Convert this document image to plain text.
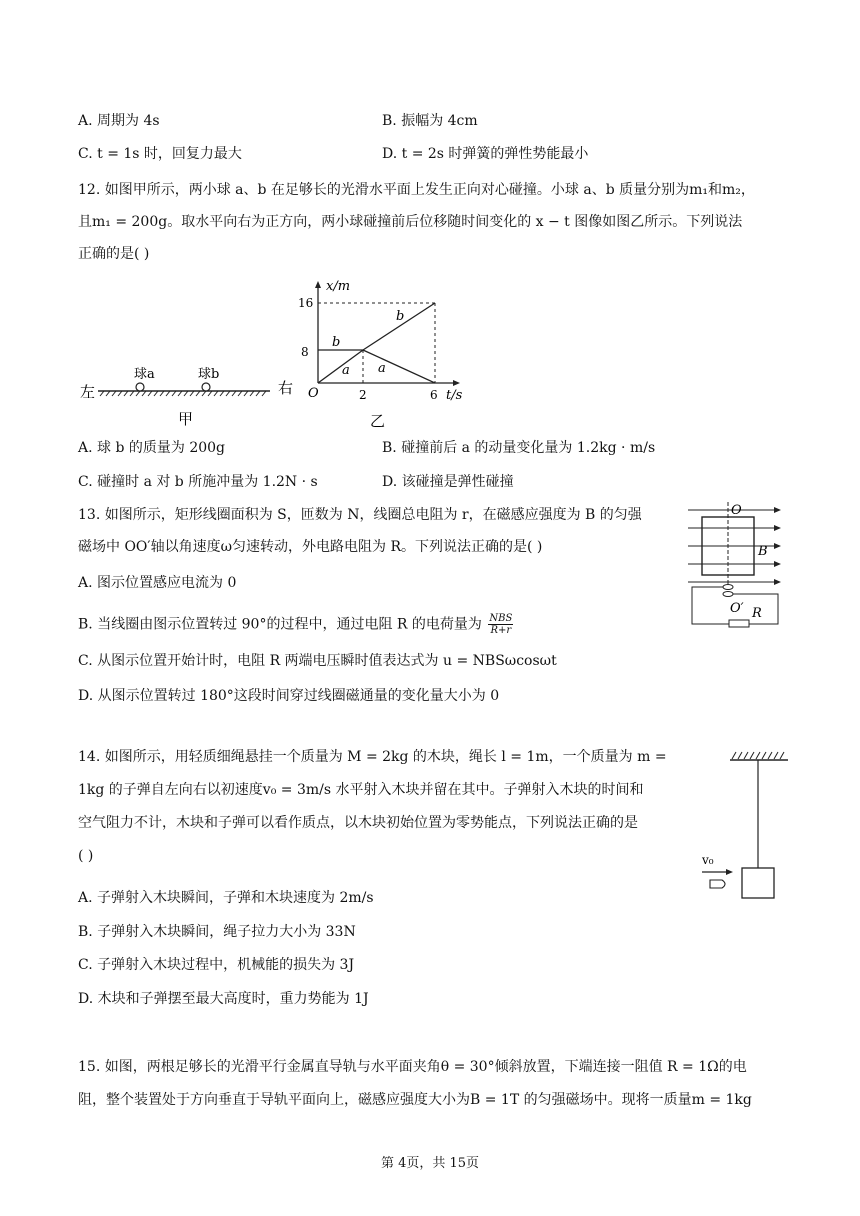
A. 周期为 4s	B. 振幅为 4cm
C. t = 1s 时，回复力最大	D. t = 2s 时弹簧的弹性势能最小
12. 如图甲所示，两小球 a、b 在足够长的光滑水平面上发生正向对心碰撞。小球 a、b 质量分别为m₁和m₂，
且m₁ = 200g。取水平向右为正方向，两小球碰撞前后位移随时间变化的 x − t 图像如图乙所示。下列说法
正确的是( )
左	右
球a	球b
甲
x/m
t/s
O
8
16
2	6
b
b
a a
乙
A. 球 b 的质量为 200g	B. 碰撞前后 a 的动量变化量为 1.2kg · m/s
C. 碰撞时 a 对 b 所施冲量为 1.2N · s	D. 该碰撞是弹性碰撞
13. 如图所示，矩形线圈面积为 S，匝数为 N，线圈总电阻为 r，在磁感应强度为 B 的匀强
磁场中 OO′轴以角速度ω匀速转动，外电路电阻为 R。下列说法正确的是( )
O
B
O′ R
A. 图示位置感应电流为 0
B. 当线圈由图示位置转过 90°的过程中，通过电阻 R 的电荷量为 NBS
R+r
C. 从图示位置开始计时，电阻 R 两端电压瞬时值表达式为 u = NBSωcosωt
D. 从图示位置转过 180°这段时间穿过线圈磁通量的变化量大小为 0
14. 如图所示，用轻质细绳悬挂一个质量为 M = 2kg 的木块，绳长 l = 1m，一个质量为 m =
1kg 的子弹自左向右以初速度v₀ = 3m/s 水平射入木块并留在其中。子弹射入木块的时间和
空气阻力不计，木块和子弹可以看作质点，以木块初始位置为零势能点，下列说法正确的是
( )	v₀
A. 子弹射入木块瞬间，子弹和木块速度为 2m/s
B. 子弹射入木块瞬间，绳子拉力大小为 33N
C. 子弹射入木块过程中，机械能的损失为 3J
D. 木块和子弹摆至最大高度时，重力势能为 1J
15. 如图，两根足够长的光滑平行金属直导轨与水平面夹角θ = 30°倾斜放置，下端连接一阻值 R = 1Ω的电
阻，整个装置处于方向垂直于导轨平面向上，磁感应强度大小为B = 1T 的匀强磁场中。现将一质量m = 1kg
第 4页，共 15页
